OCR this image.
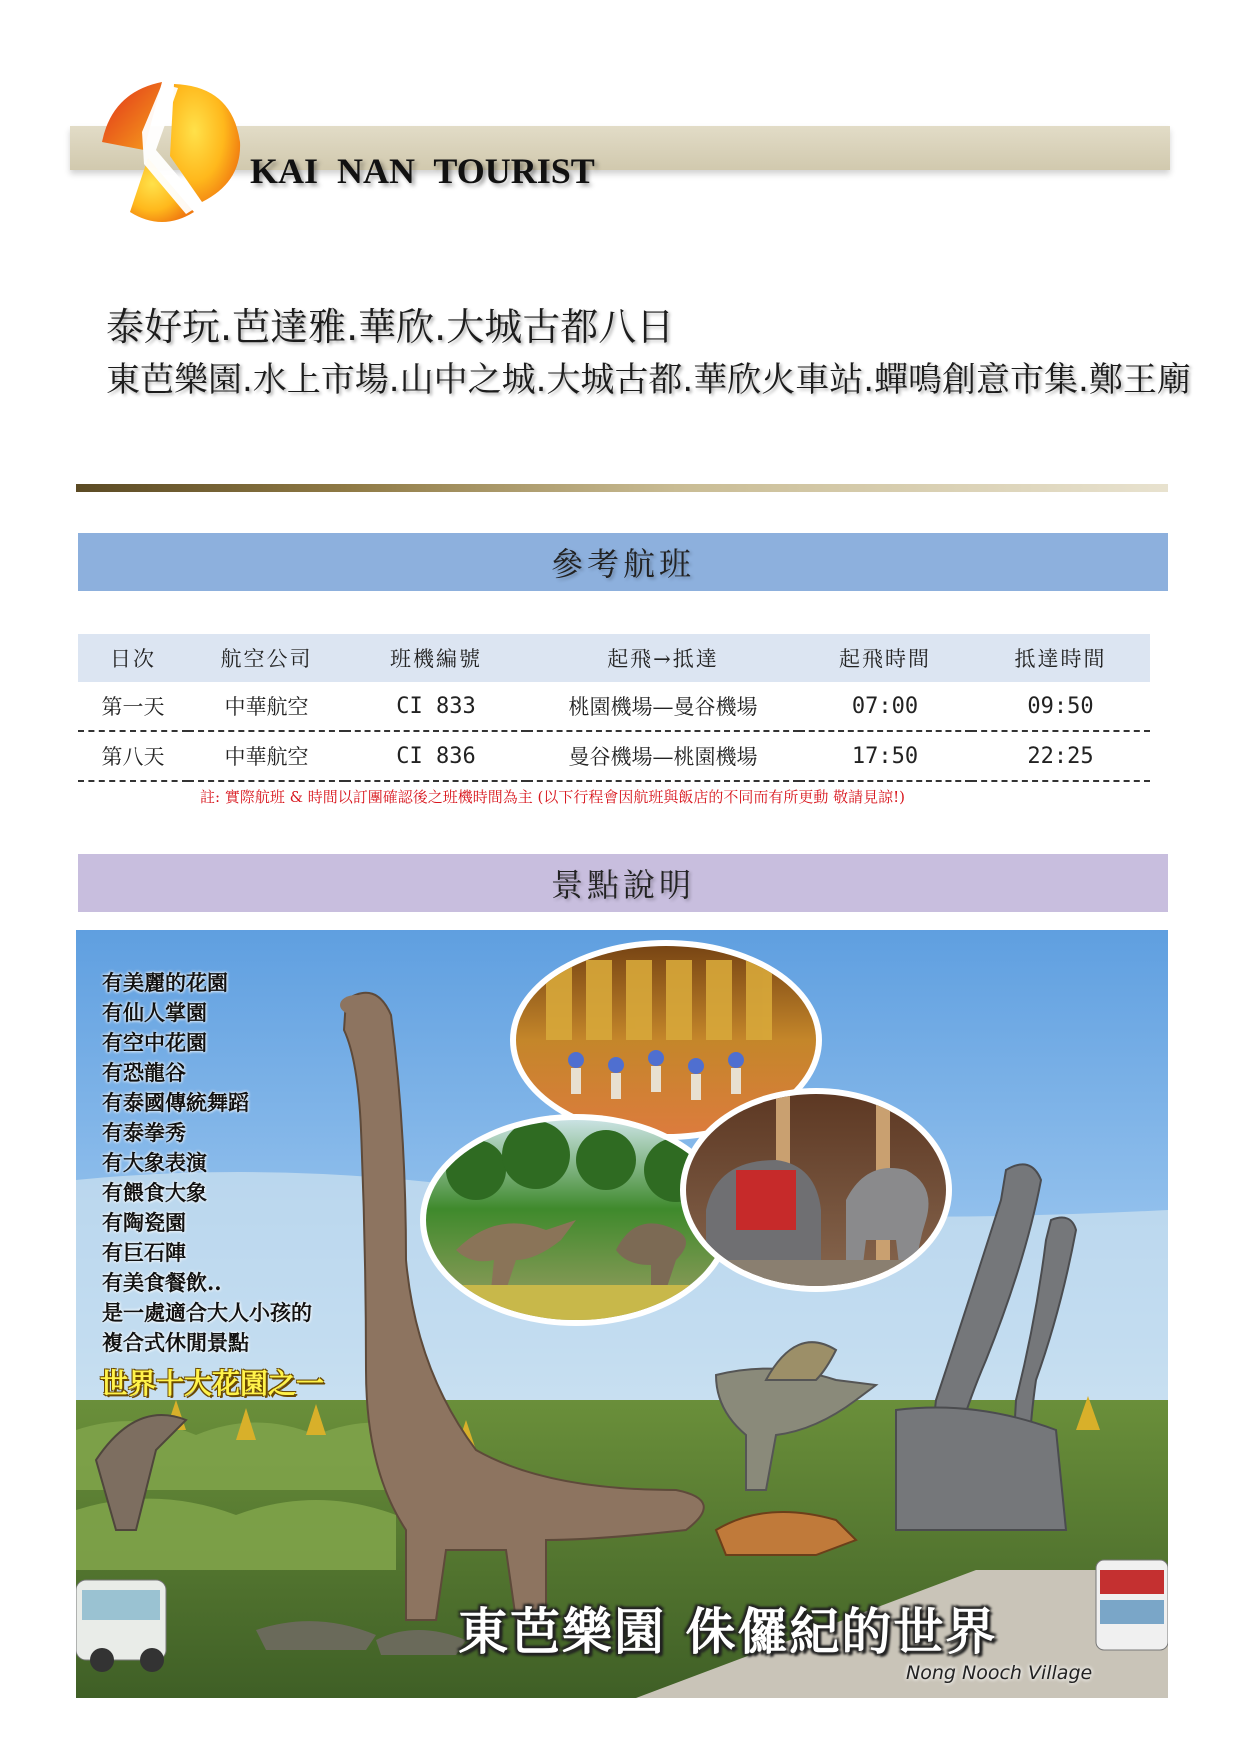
KAI NAN TOURIST
泰好玩.芭達雅.華欣.大城古都八日
東芭樂園.水上市場.山中之城.大城古都.華欣火車站.蟬鳴創意市集.鄭王廟
參考航班
日次	航空公司	班機編號	起飛→抵達	起飛時間	抵達時間
第一天	中華航空	CI 833	桃園機場—曼谷機場	07:00	09:50
第八天	中華航空	CI 836	曼谷機場—桃園機場	17:50	22:25
註: 實際航班 & 時間以訂團確認後之班機時間為主 (以下行程會因航班與飯店的不同而有所更動 敬請見諒!)
景點說明
有美麗的花園
有仙人掌園
有空中花園
有恐龍谷
有泰國傳統舞蹈
有泰拳秀
有大象表演
有餵食大象
有陶瓷園
有巨石陣
有美食餐飲..
是一處適合大人小孩的
複合式休閒景點
世界十大花園之一
東芭樂園 侏儸紀的世界
Nong Nooch Village
